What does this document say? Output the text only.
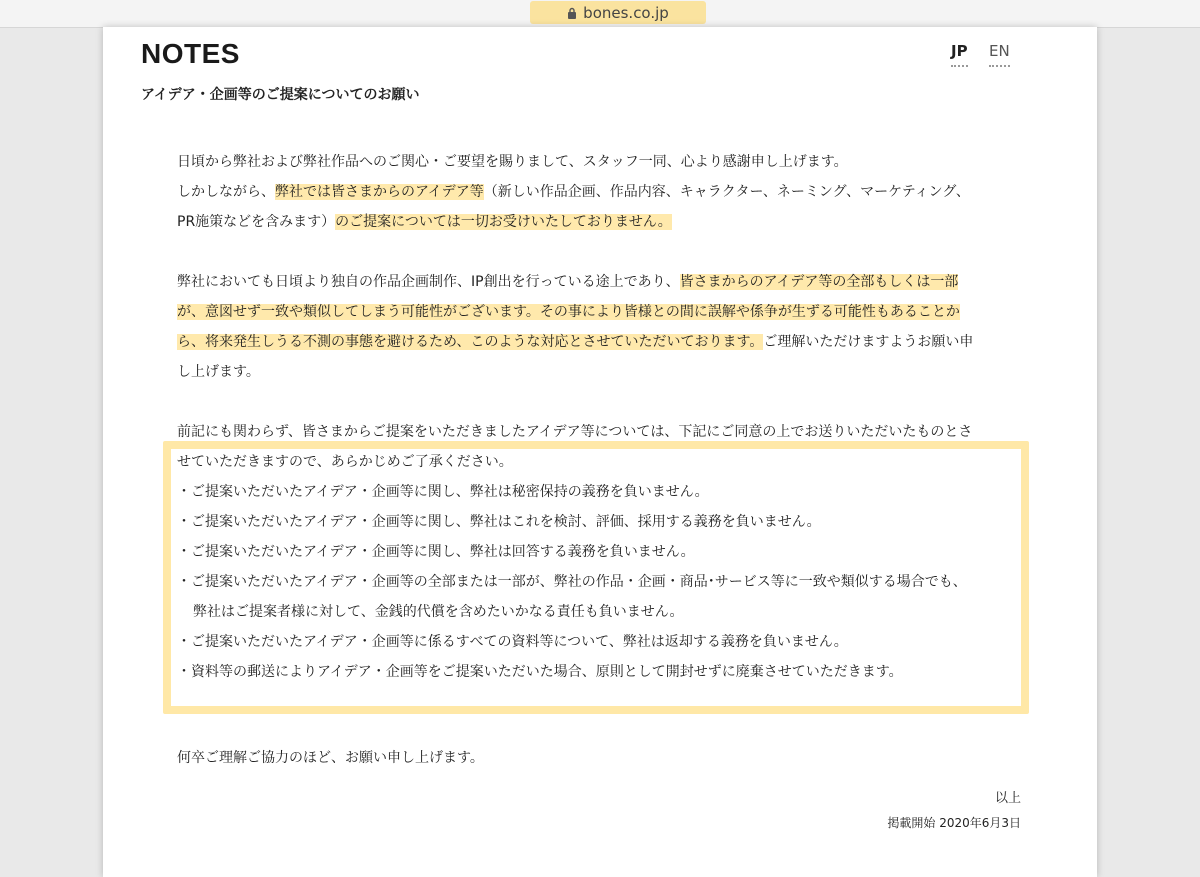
bones.co.jp
NOTES
アイデア・企画等のご提案についてのお願い
JP EN
日頃から弊社および弊社作品へのご関心・ご要望を賜りまして、スタッフ一同、心より感謝申し上げます。
しかしながら、弊社では皆さまからのアイデア等（新しい作品企画、作品内容、キャラクター、ネーミング、マーケティング、
PR施策などを含みます）のご提案については一切お受けいたしておりません。
弊社においても日頃より独自の作品企画制作、IP創出を行っている途上であり、皆さまからのアイデア等の全部もしくは一部
が、意図せず一致や類似してしまう可能性がございます。その事により皆様との間に誤解や係争が生ずる可能性もあることか
ら、将来発生しうる不測の事態を避けるため、このような対応とさせていただいております。ご理解いただけますようお願い申
し上げます。
前記にも関わらず、皆さまからご提案をいただきましたアイデア等については、下記にご同意の上でお送りいただいたものとさ
せていただきますので、あらかじめご了承ください。
・ご提案いただいたアイデア・企画等に関し、弊社は秘密保持の義務を負いません。
・ご提案いただいたアイデア・企画等に関し、弊社はこれを検討、評価、採用する義務を負いません。
・ご提案いただいたアイデア・企画等に関し、弊社は回答する義務を負いません。
・ご提案いただいたアイデア・企画等の全部または一部が、弊社の作品・企画・商品･サービス等に一致や類似する場合でも、
弊社はご提案者様に対して、金銭的代償を含めたいかなる責任も負いません。
・ご提案いただいたアイデア・企画等に係るすべての資料等について、弊社は返却する義務を負いません。
・資料等の郵送によりアイデア・企画等をご提案いただいた場合、原則として開封せずに廃棄させていただきます。
何卒ご理解ご協力のほど、お願い申し上げます。
以上
掲載開始 2020年6月3日
